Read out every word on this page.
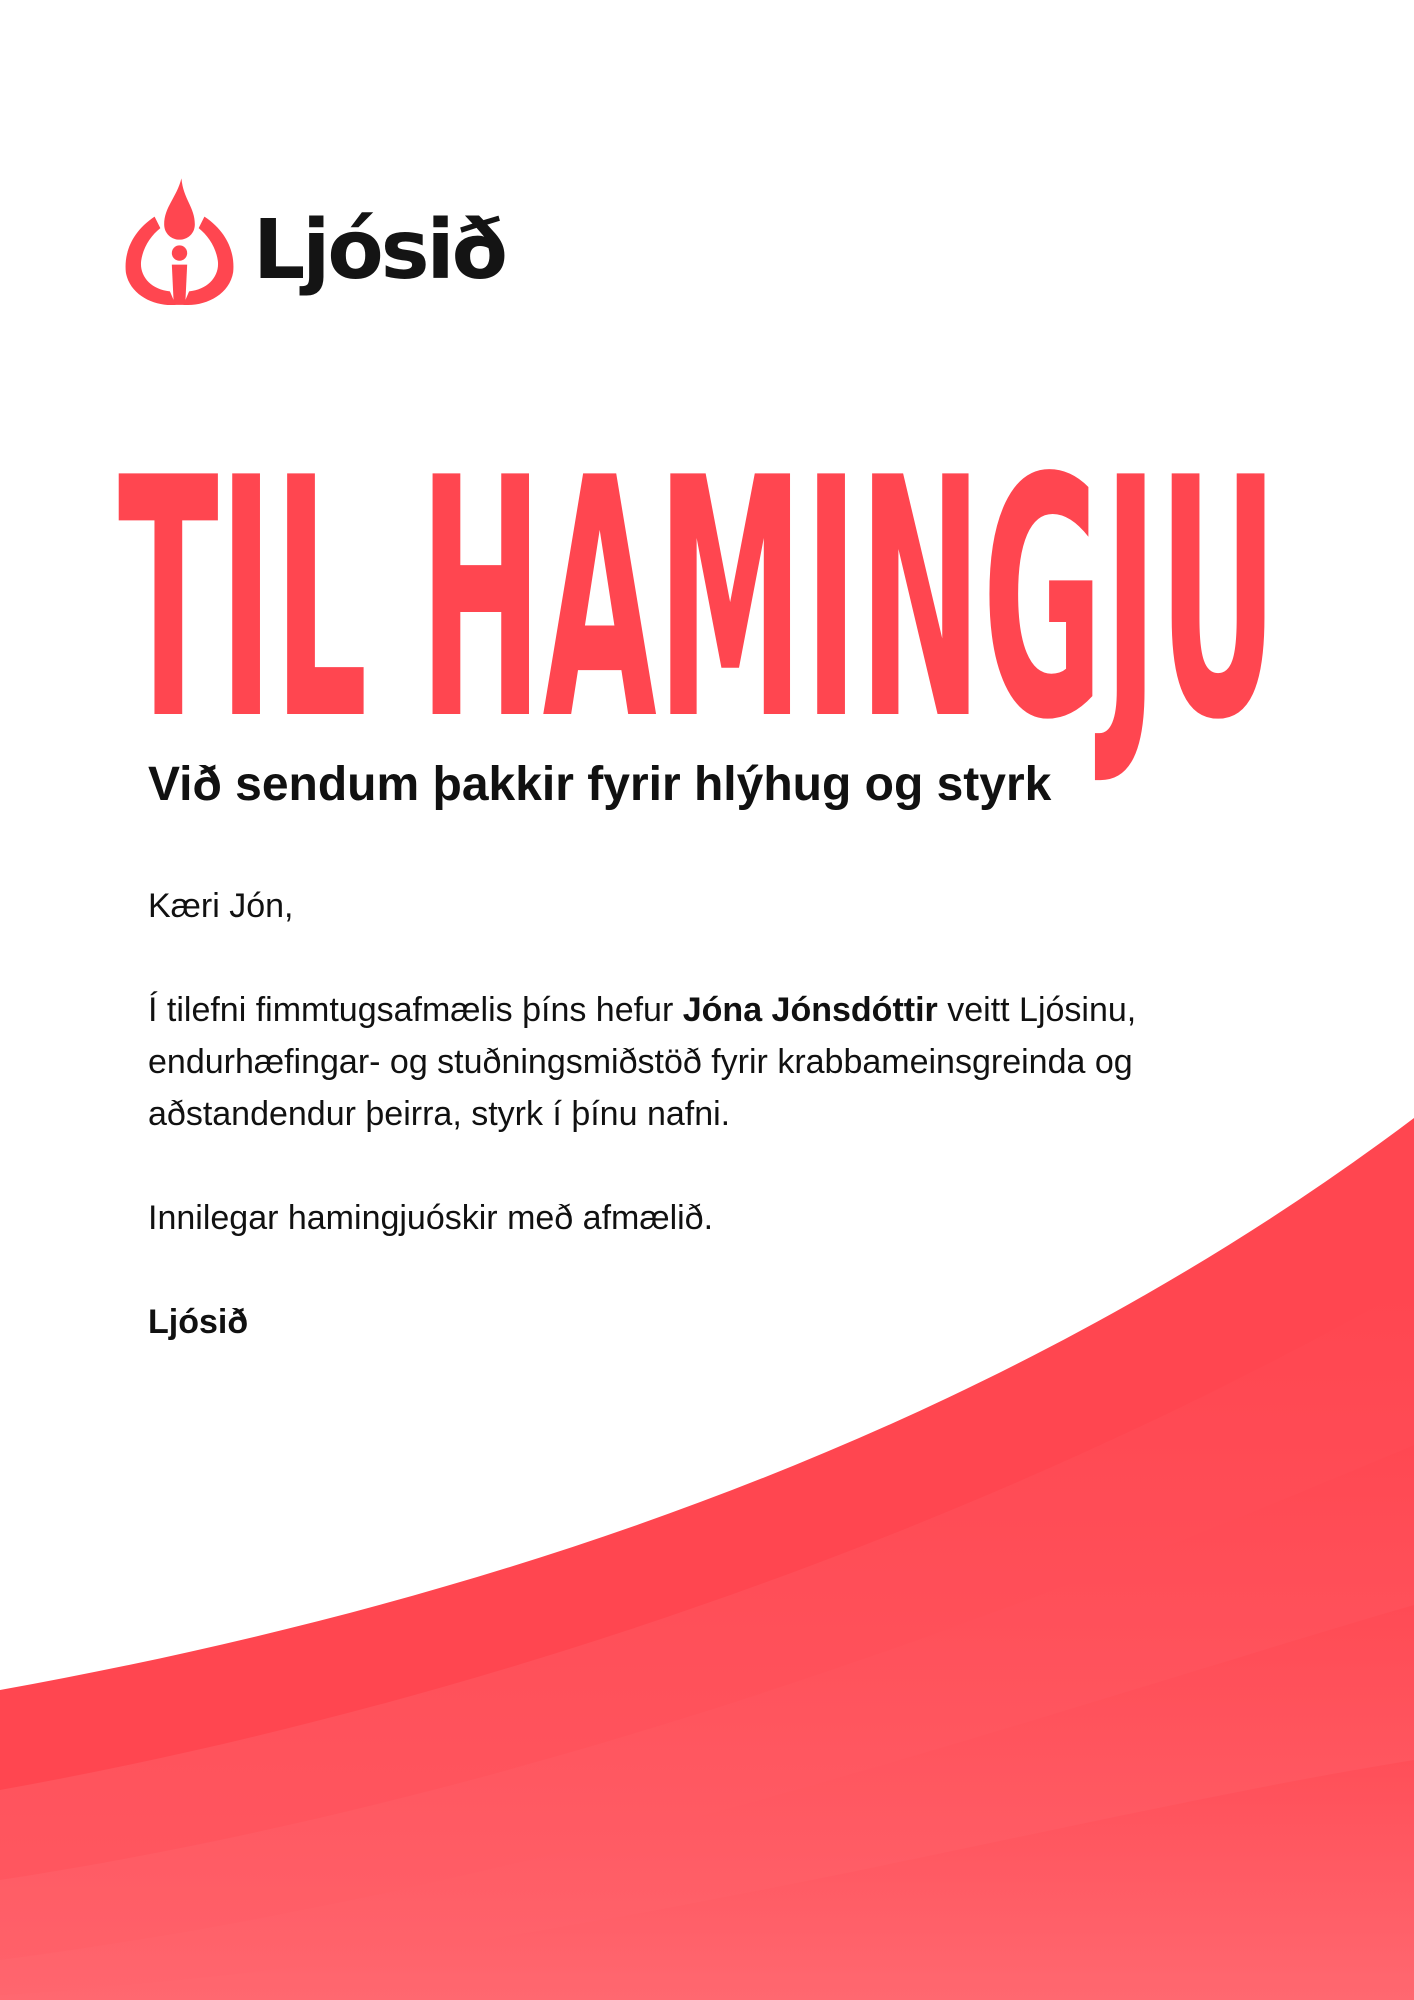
Ljósið
TIL HAMINGJU
Við sendum þakkir fyrir hlýhug og styrk

Kæri Jón,

Í tilefni fimmtugsafmælis þíns hefur Jóna Jónsdóttir veitt Ljósinu, endurhæfingar- og stuðningsmiðstöð fyrir krabbameinsgreinda og aðstandendur þeirra, styrk í þínu nafni.

Innilegar hamingjuóskir með afmælið.

Ljósið
